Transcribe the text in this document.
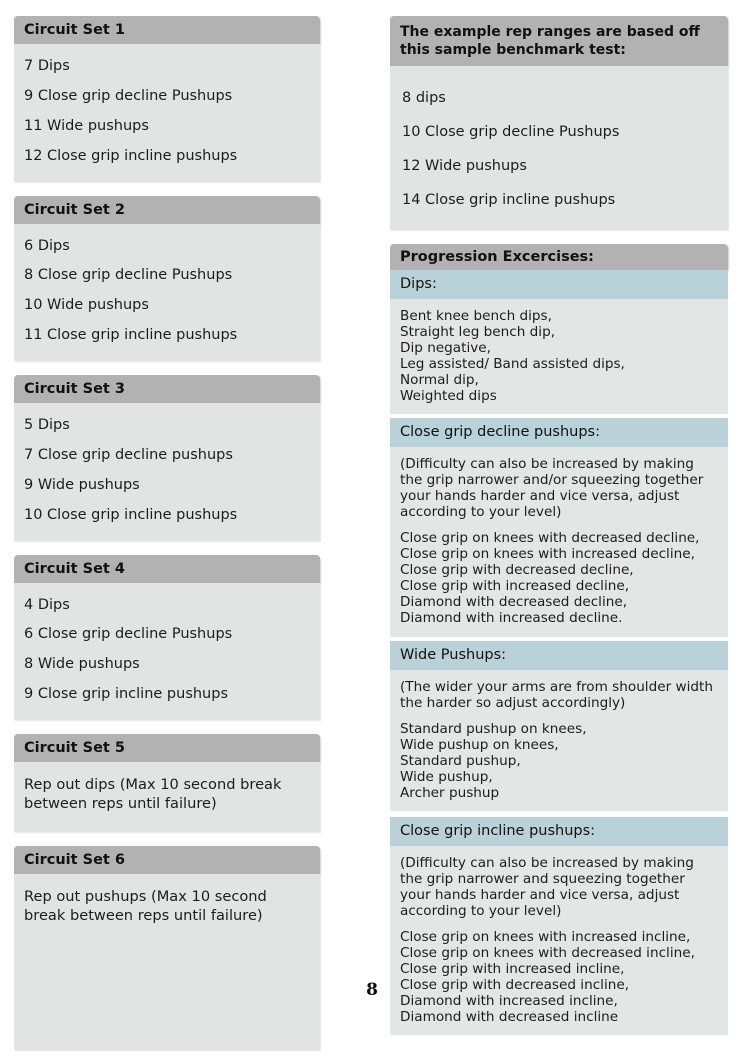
Circuit Set 1
7 Dips
9 Close grip decline Pushups
11 Wide pushups
12 Close grip incline pushups
Circuit Set 2
6 Dips
8 Close grip decline Pushups
10 Wide pushups
11 Close grip incline pushups
Circuit Set 3
5 Dips
7 Close grip decline pushups
9 Wide pushups
10 Close grip incline pushups
Circuit Set 4
4 Dips
6 Close grip decline Pushups
8 Wide pushups
9 Close grip incline pushups
Circuit Set 5
Rep out dips (Max 10 second break between reps until failure)
Circuit Set 6
Rep out pushups (Max 10 second break between reps until failure)
The example rep ranges are based off this sample benchmark test:
8 dips
10 Close grip decline Pushups
12 Wide pushups
14 Close grip incline pushups
Progression Excercises:
Dips:
Bent knee bench dips,
Straight leg bench dip,
Dip negative,
Leg assisted/ Band assisted dips,
Normal dip,
Weighted dips
Close grip decline pushups:
(Difficulty can also be increased by making the grip narrower and/or squeezing together your hands harder and vice versa, adjust according to your level)
Close grip on knees with decreased decline,
Close grip on knees with increased decline,
Close grip with decreased decline,
Close grip with increased decline,
Diamond with decreased decline,
Diamond with increased decline.
Wide Pushups:
(The wider your arms are from shoulder width the harder so adjust accordingly)
Standard pushup on knees,
Wide pushup on knees,
Standard pushup,
Wide pushup,
Archer pushup
Close grip incline pushups:
(Difficulty can also be increased by making the grip narrower and squeezing together your hands harder and vice versa, adjust according to your level)
Close grip on knees with increased incline,
Close grip on knees with decreased incline,
Close grip with increased incline,
Close grip with decreased incline,
Diamond with increased incline,
Diamond with decreased incline
8
